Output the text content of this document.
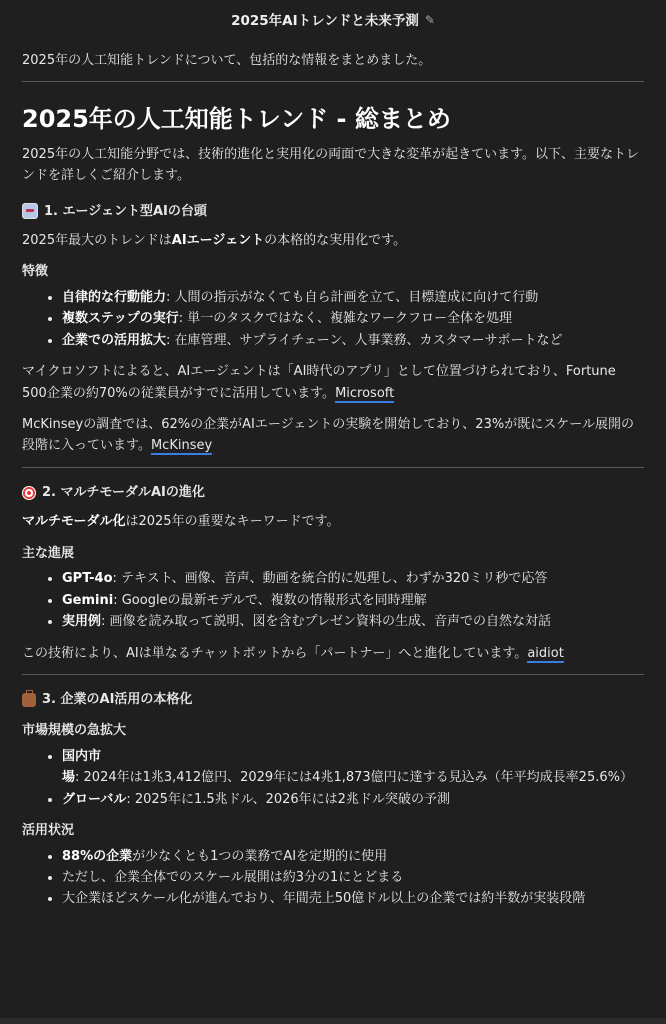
2025年AIトレンドと未来予測 ✎

2025年の人工知能トレンドについて、包括的な情報をまとめました。

2025年の人工知能トレンド - 総まとめ

2025年の人工知能分野では、技術的進化と実用化の両面で大きな変革が起きています。以下、主要なトレンドを詳しくご紹介します。

1. エージェント型AIの台頭

2025年最大のトレンドはAIエージェントの本格的な実用化です。

特徴
• 自律的な行動能力: 人間の指示がなくても自ら計画を立て、目標達成に向けて行動
• 複数ステップの実行: 単一のタスクではなく、複雑なワークフロー全体を処理
• 企業での活用拡大: 在庫管理、サプライチェーン、人事業務、カスタマーサポートなど

マイクロソフトによると、AIエージェントは「AI時代のアプリ」として位置づけられており、Fortune 500企業の約70%の従業員がすでに活用しています。Microsoft

McKinseyの調査では、62%の企業がAIエージェントの実験を開始しており、23%が既にスケール展開の段階に入っています。McKinsey

2. マルチモーダルAIの進化

マルチモーダル化は2025年の重要なキーワードです。

主な進展
• GPT-4o: テキスト、画像、音声、動画を統合的に処理し、わずか320ミリ秒で応答
• Gemini: Googleの最新モデルで、複数の情報形式を同時理解
• 実用例: 画像を読み取って説明、図を含むプレゼン資料の生成、音声での自然な対話

この技術により、AIは単なるチャットボットから「パートナー」へと進化しています。aidiot

3. 企業のAI活用の本格化
市場規模の急拡大
• 国内市
場: 2024年は1兆3,412億円、2029年には4兆1,873億円に達する見込み（年平均成長率25.6%）
• グローバル: 2025年に1.5兆ドル、2026年には2兆ドル突破の予測
活用状況
• 88%の企業が少なくとも1つの業務でAIを定期的に使用
• ただし、企業全体でのスケール展開は約3分の1にとどまる
• 大企業ほどスケール化が進んでおり、年間売上50億ドル以上の企業では約半数が実装段階
